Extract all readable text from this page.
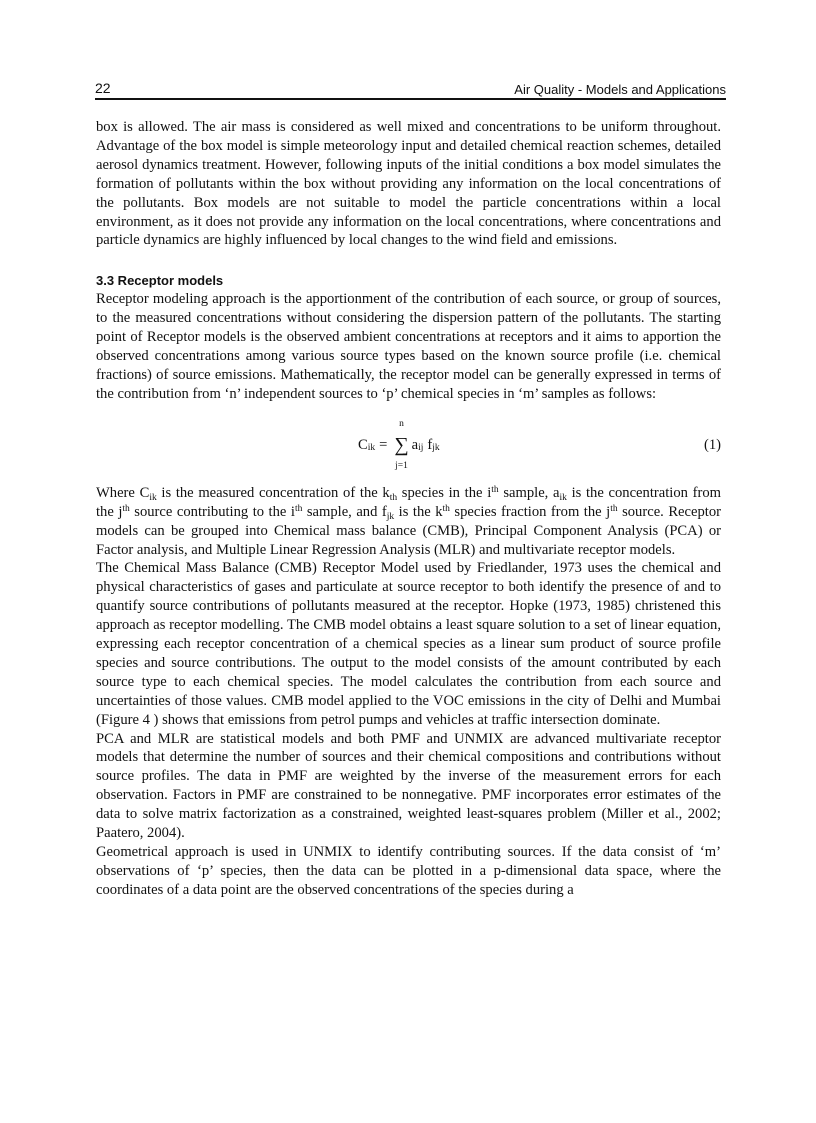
22	Air Quality - Models and Applications

box is allowed. The air mass is considered as well mixed and concentrations to be uniform throughout. Advantage of the box model is simple meteorology input and detailed chemical reaction schemes, detailed aerosol dynamics treatment. However, following inputs of the initial conditions a box model simulates the formation of pollutants within the box without providing any information on the local concentrations of the pollutants. Box models are not suitable to model the particle concentrations within a local environment, as it does not provide any information on the local concentrations, where concentrations and particle dynamics are highly influenced by local changes to the wind field and emissions.

3.3 Receptor models

Receptor modeling approach is the apportionment of the contribution of each source, or group of sources, to the measured concentrations without considering the dispersion pattern of the pollutants. The starting point of Receptor models is the observed ambient concentrations at receptors and it aims to apportion the observed concentrations among various source types based on the known source profile (i.e. chemical fractions) of source emissions. Mathematically, the receptor model can be generally expressed in terms of the contribution from ‘n’ independent sources to ‘p’ chemical species in ‘m’ samples as follows:

$C_{ik}$ =
n
∑
j=1
$a_{ij}$ $f_{jk}$	(1)

Where $C_{ik}$ is the measured concentration of the $k_{th}$ species in the $i^{th}$ sample, $a_{ik}$ is the concentration from the $j^{th}$ source contributing to the $i^{th}$ sample, and $f_{jk}$ is the $k^{th}$ species fraction from the $j^{th}$ source. Receptor models can be grouped into Chemical mass balance (CMB), Principal Component Analysis (PCA) or Factor analysis, and Multiple Linear Regression Analysis (MLR) and multivariate receptor models.

The Chemical Mass Balance (CMB) Receptor Model used by Friedlander, 1973 uses the chemical and physical characteristics of gases and particulate at source receptor to both identify the presence of and to quantify source contributions of pollutants measured at the receptor. Hopke (1973, 1985) christened this approach as receptor modelling. The CMB model obtains a least square solution to a set of linear equation, expressing each receptor concentration of a chemical species as a linear sum product of source profile species and source contributions. The output to the model consists of the amount contributed by each source type to each chemical species. The model calculates the contribution from each source and uncertainties of those values. CMB model applied to the VOC emissions in the city of Delhi and Mumbai (Figure 4 ) shows that emissions from petrol pumps and vehicles at traffic intersection dominate.

PCA and MLR are statistical models and both PMF and UNMIX are advanced multivariate receptor models that determine the number of sources and their chemical compositions and contributions without source profiles. The data in PMF are weighted by the inverse of the measurement errors for each observation. Factors in PMF are constrained to be nonnegative. PMF incorporates error estimates of the data to solve matrix factorization as a constrained, weighted least-squares problem (Miller et al., 2002; Paatero, 2004).

Geometrical approach is used in UNMIX to identify contributing sources. If the data consist of ‘m’ observations of ‘p’ species, then the data can be plotted in a p-dimensional data space, where the coordinates of a data point are the observed concentrations of the species during a
